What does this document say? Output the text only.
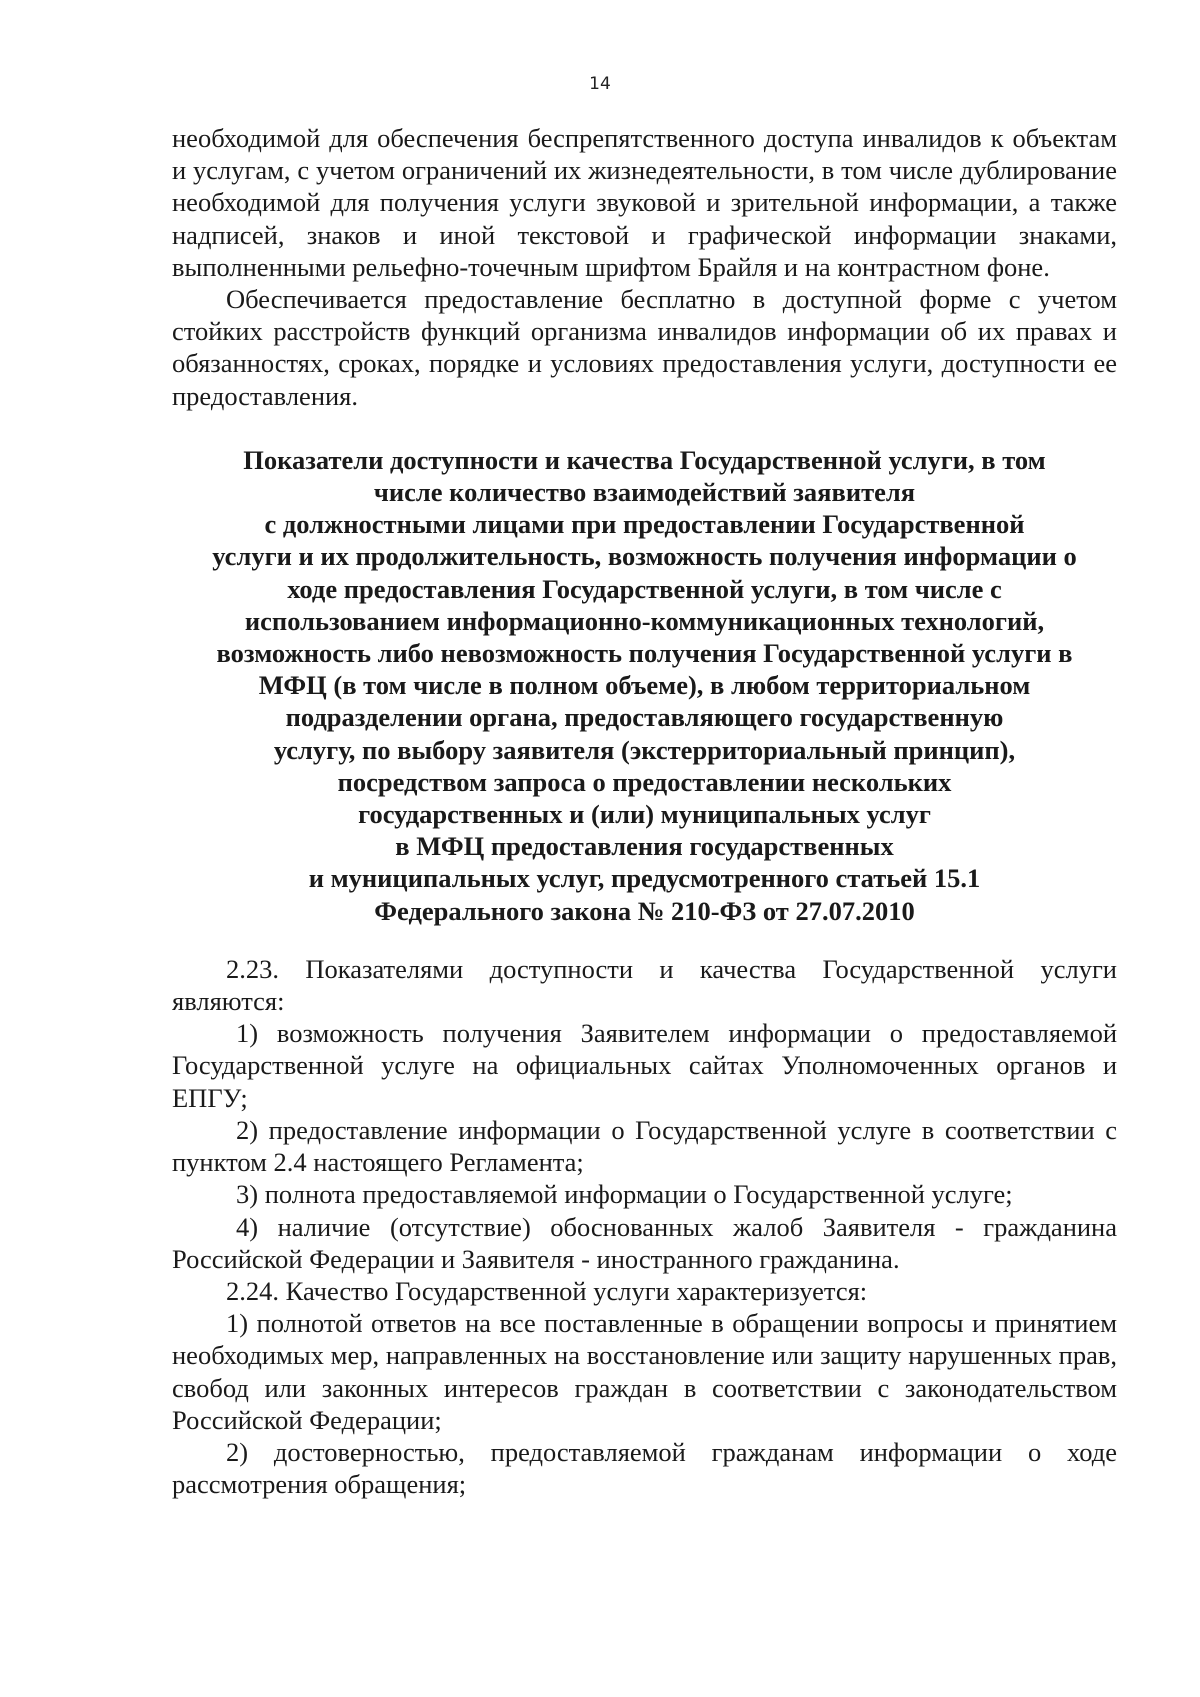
14

необходимой для обеспечения беспрепятственного доступа инвалидов к объектам и услугам, с учетом ограничений их жизнедеятельности, в том числе дублирование необходимой для получения услуги звуковой и зрительной информации, а также надписей, знаков и иной текстовой и графической информации знаками, выполненными рельефно-точечным шрифтом Брайля и на контрастном фоне.

Обеспечивается предоставление бесплатно в доступной форме с учетом стойких расстройств функций организма инвалидов информации об их правах и обязанностях, сроках, порядке и условиях предоставления услуги, доступности ее предоставления.

Показатели доступности и качества Государственной услуги, в том
числе количество взаимодействий заявителя
с должностными лицами при предоставлении Государственной
услуги и их продолжительность, возможность получения информации о
ходе предоставления Государственной услуги, в том числе с
использованием информационно-коммуникационных технологий,
возможность либо невозможность получения Государственной услуги в
МФЦ (в том числе в полном объеме), в любом территориальном
подразделении органа, предоставляющего государственную
услугу, по выбору заявителя (экстерриториальный принцип),
посредством запроса о предоставлении нескольких
государственных и (или) муниципальных услуг
в МФЦ предоставления государственных
и муниципальных услуг, предусмотренного статьей 15.1
Федерального закона № 210-ФЗ от 27.07.2010

2.23. Показателями доступности и качества Государственной услуги являются:

1) возможность получения Заявителем информации о предоставляемой Государственной услуге на официальных сайтах Уполномоченных органов и ЕПГУ;

2) предоставление информации о Государственной услуге в соответствии с пунктом 2.4 настоящего Регламента;

3) полнота предоставляемой информации о Государственной услуге;

4) наличие (отсутствие) обоснованных жалоб Заявителя - гражданина Российской Федерации и Заявителя - иностранного гражданина.

2.24. Качество Государственной услуги характеризуется:

1) полнотой ответов на все поставленные в обращении вопросы и принятием необходимых мер, направленных на восстановление или защиту нарушенных прав, свобод или законных интересов граждан в соответствии с законодательством Российской Федерации;

2) достоверностью, предоставляемой гражданам информации о ходе рассмотрения обращения;
